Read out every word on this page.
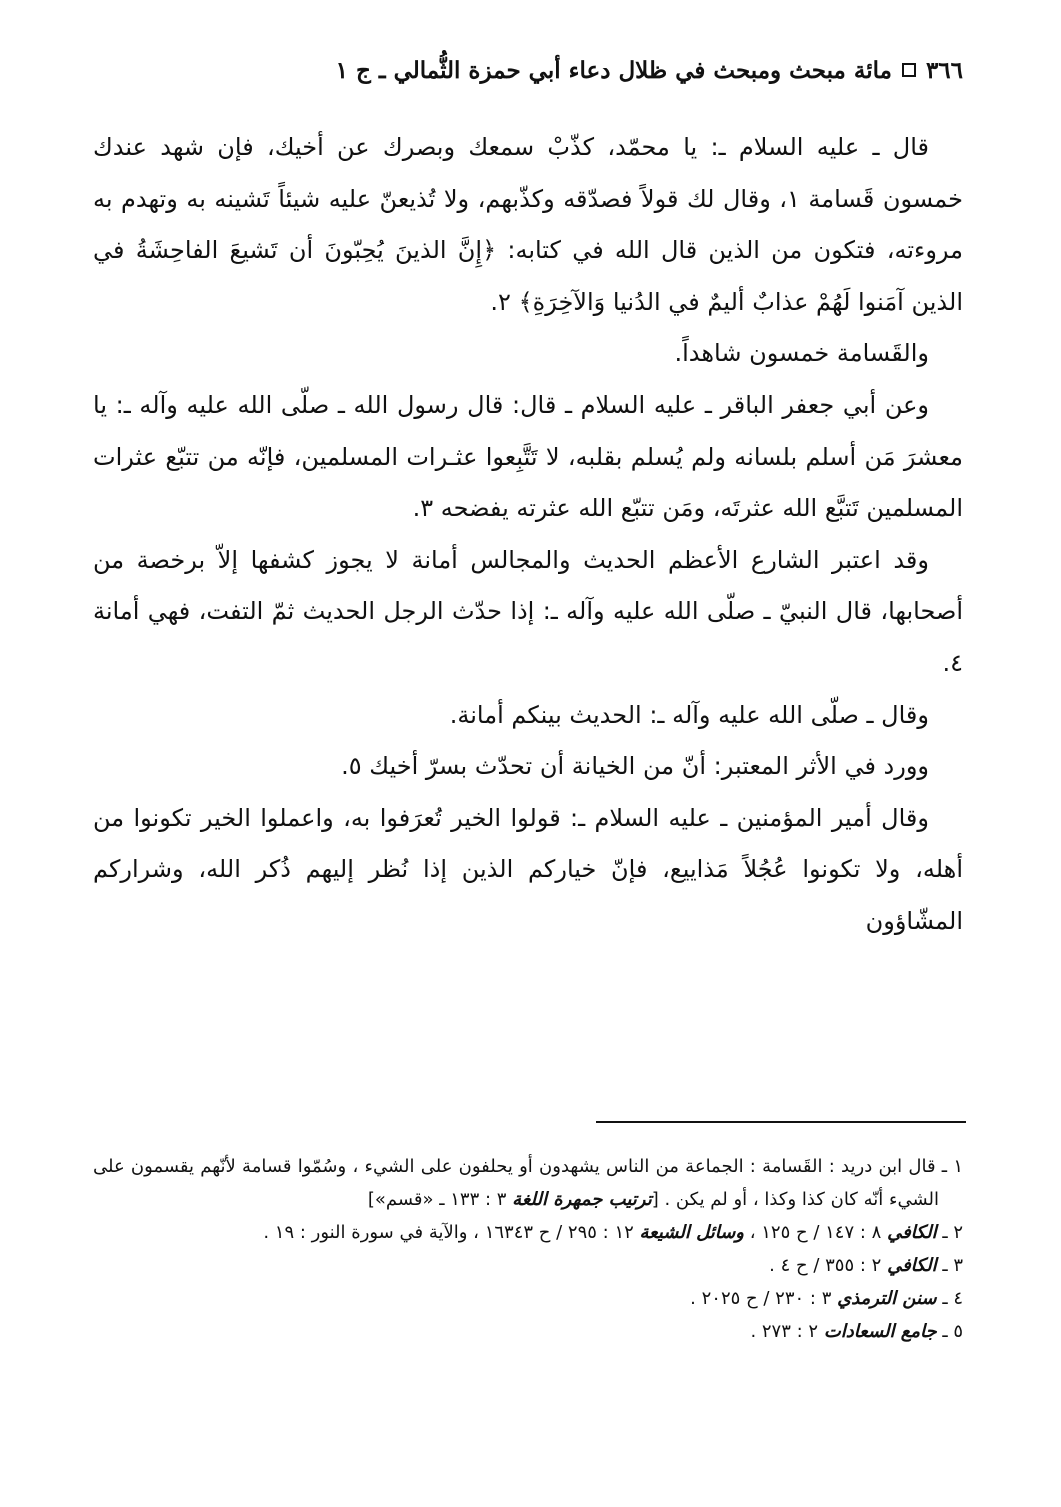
٣٦٦
مائة مبحث ومبحث في ظلال دعاء أبي حمزة الثُّمالي ـ ج ١

قال ـ عليه السلام ـ: يا محمّد، كذّبْ سمعك وبصرك عن أخيك، فإن شهد عندك خمسون قَسامة ١، وقال لك قولاً فصدّقه وكذّبهم، ولا تُذيعنّ عليه شيئاً تَشينه به وتهدم به مروءته، فتكون من الذين قال الله في كتابه: ﴿إِنَّ الذينَ يُحِبّونَ أن تَشيعَ الفاحِشَةُ في الذين آمَنوا لَهُمْ عذابٌ أليمٌ في الدُنيا وَالآخِرَةِ﴾ ٢.

والقَسامة خمسون شاهداً.

وعن أبي جعفر الباقر ـ عليه السلام ـ قال: قال رسول الله ـ صلّى الله عليه وآله ـ: يا معشرَ مَن أسلم بلسانه ولم يُسلم بقلبه، لا تَتَّبِعوا عثـرات المسلمين، فإنّه من تتبّع عثرات المسلمين تَتبَّع الله عثرتَه، ومَن تتبّع الله عثرته يفضحه ٣.

وقد اعتبر الشارع الأعظم الحديث والمجالس أمانة لا يجوز كشفها إلاّ برخصة من أصحابها، قال النبيّ ـ صلّى الله عليه وآله ـ: إذا حدّث الرجل الحديث ثمّ التفت، فهي أمانة ٤.

وقال ـ صلّى الله عليه وآله ـ: الحديث بينكم أمانة.

وورد في الأثر المعتبر: أنّ من الخيانة أن تحدّث بسرّ أخيك ٥.

وقال أمير المؤمنين ـ عليه السلام ـ: قولوا الخير تُعرَفوا به، واعملوا الخير تكونوا من أهله، ولا تكونوا عُجُلاً مَذاييع، فإنّ خياركم الذين إذا نُظر إليهم ذُكر الله، وشراركم المشّاؤون

١ ـ قال ابن دريد : القَسامة : الجماعة من الناس يشهدون أو يحلفون على الشيء ، وسُمّوا قسامة لأنّهم يقسمون على الشيء أنّه كان كذا وكذا ، أو لم يكن . [ترتيب جمهرة اللغة ٣ : ١٣٣ ـ «قسم»]

٢ ـ الكافي ٨ : ١٤٧ / ح ١٢٥ ، وسائل الشيعة ١٢ : ٢٩٥ / ح ١٦٣٤٣ ، والآية في سورة النور : ١٩ .

٣ ـ الكافي ٢ : ٣٥٥ / ح ٤ .

٤ ـ سنن الترمذي ٣ : ٢٣٠ / ح ٢٠٢٥ .

٥ ـ جامع السعادات ٢ : ٢٧٣ .
